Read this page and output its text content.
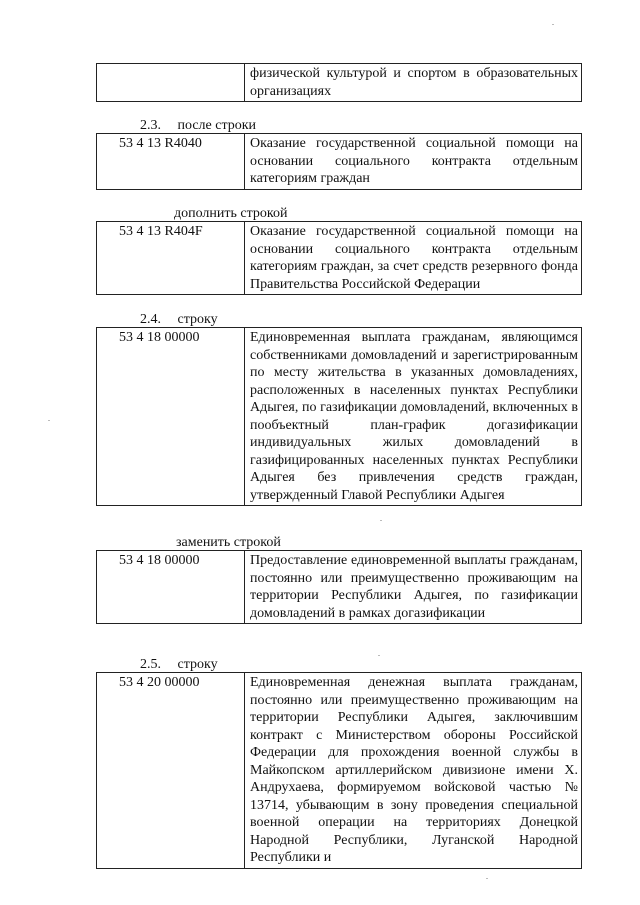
	физической культурой и спортом в образовательных организациях
2.3. после строки
53 4 13 R4040	Оказание государственной социальной помощи на основании социального контракта отдельным категориям граждан
дополнить строкой
53 4 13 R404F	Оказание государственной социальной помощи на основании социального контракта отдельным категориям граждан, за счет средств резервного фонда Правительства Российской Федерации
2.4. строку
53 4 18 00000	Единовременная выплата гражданам, являющимся собственниками домовладений и зарегистрированным по месту жительства в указанных домовладениях, расположенных в населенных пунктах Республики Адыгея, по газификации домовладений, включенных в пообъектный план-график догазификации индивидуальных жилых домовладений в газифицированных населенных пунктах Республики Адыгея без привлечения средств граждан, утвержденный Главой Республики Адыгея
заменить строкой
53 4 18 00000	Предоставление единовременной выплаты гражданам, постоянно или преимущественно проживающим на территории Республики Адыгея, по газификации домовладений в рамках догазификации
2.5. строку
53 4 20 00000	Единовременная денежная выплата гражданам, постоянно или преимущественно проживающим на территории Республики Адыгея, заключившим контракт с Министерством обороны Российской Федерации для прохождения военной службы в Майкопском артиллерийском дивизионе имени Х. Андрухаева, формируемом войсковой частью № 13714, убывающим в зону проведения специальной военной операции на территориях Донецкой Народной Республики, Луганской Народной Республики и
